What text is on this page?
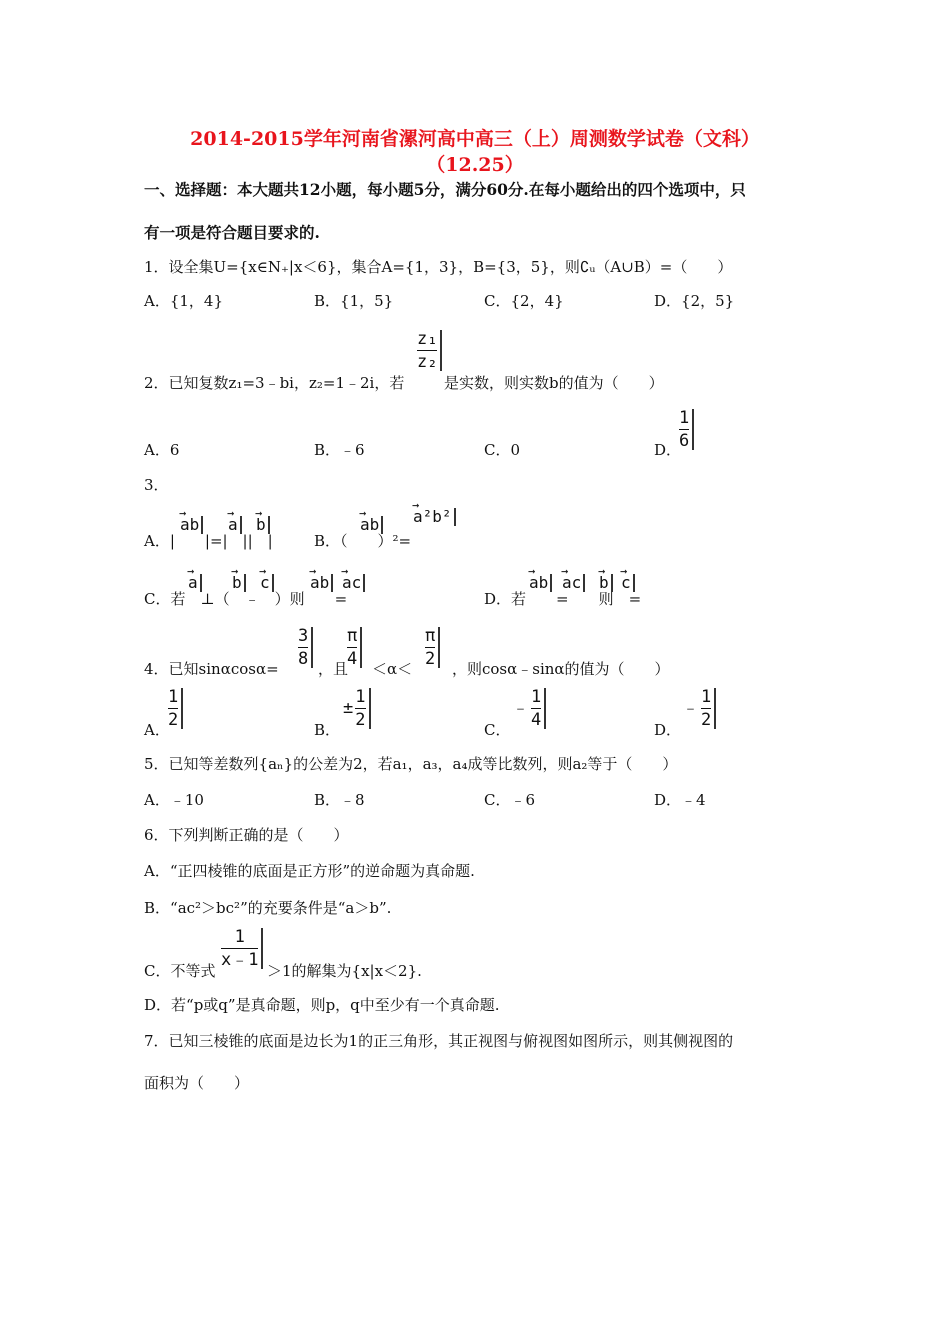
2014-2015学年河南省漯河高中高三（上）周测数学试卷（文科）
（12.25）
一、选择题：本大题共12小题，每小题5分，满分60分.在每小题给出的四个选项中，只
有一项是符合题目要求的.
1．设全集U={x∈N₊|x＜6}，集合A={1，3}，B={3，5}，则∁ᵤ（A∪B）=（　　）
A．{1，4}	B．{1，5}	C．{2，4}	D．{2，5}
2．已知复数z₁=3﹣bi，z₂=1﹣2i，若
$\frac{\text{z₁}}{\text{z₂}}$
是实数，则实数b的值为（　　）
A．6	B．﹣6	C．0	D．
$\frac{1}{6}$
3．
A．|　　|=|　||　|
→ ab → a → b
B．（　　）²=
→ ab → a²b²
C．若　⊥（　﹣　）则　　=
→ a → b → c	→ ab → ac
D．若　　=　　则　=
→ ab → ac → b → c
4．已知sinαcosα=
$\frac{3}{8}$
，且
$\frac{\pi}{4}$
＜α＜
$\frac{\pi}{2}$
，则cosα﹣sinα的值为（　　）
A．
$\frac{1}{2}$
B．
± $\frac{1}{2}$
C．
﹣ $\frac{1}{4}$
D．
﹣ $\frac{1}{2}$
5．已知等差数列{aₙ}的公差为2，若a₁，a₃，a₄成等比数列，则a₂等于（　　）
A．﹣10	B．﹣8	C．﹣6	D．﹣4
6．下列判断正确的是（　　）
A．“正四棱锥的底面是正方形”的逆命题为真命题.
B．“ac²＞bc²”的充要条件是“a＞b”.
C．不等式
$\frac{1}{x﹣1}$
＞1的解集为{x|x＜2}.
D．若“p或q”是真命题，则p，q中至少有一个真命题.
7．已知三棱锥的底面是边长为1的正三角形，其正视图与俯视图如图所示，则其侧视图的
面积为（　　）
